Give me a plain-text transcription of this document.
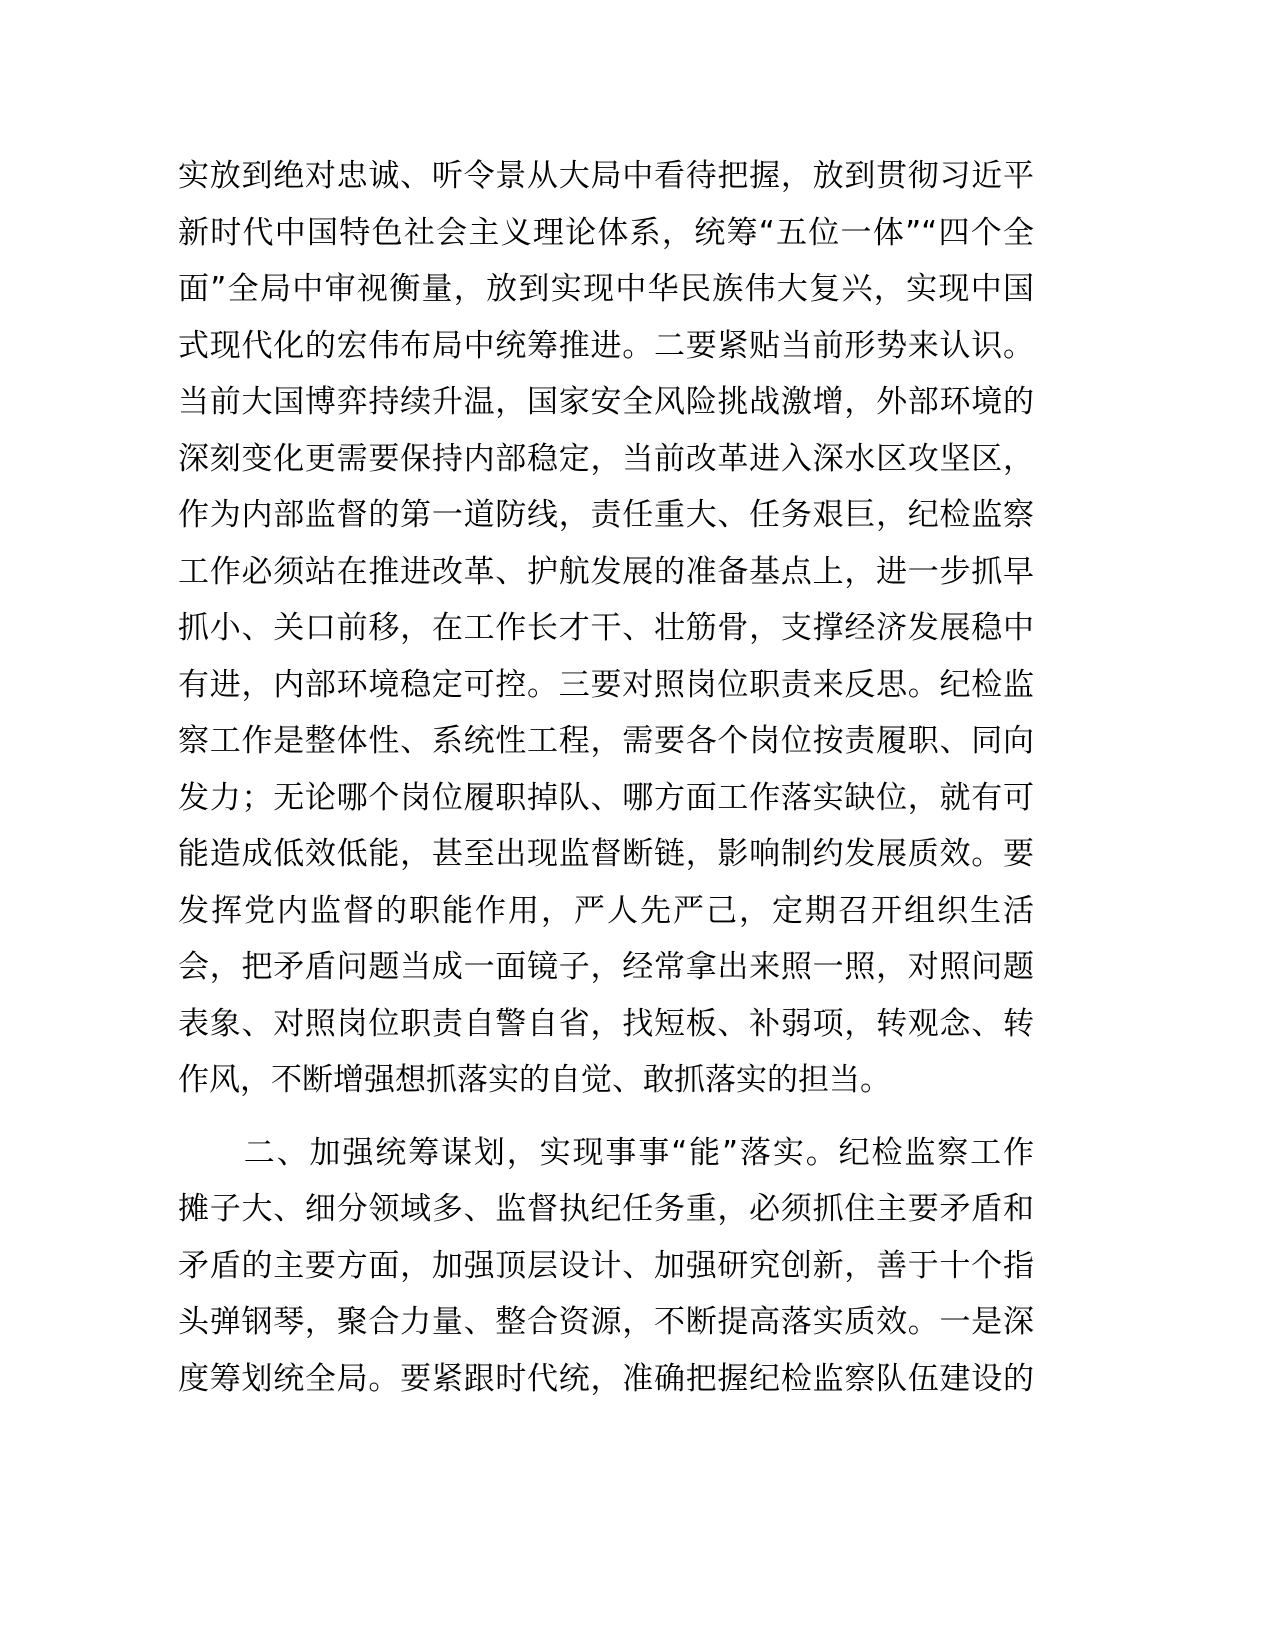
实放到绝对忠诚、听令景从大局中看待把握，放到贯彻习近平
新时代中国特色社会主义理论体系，统筹“五位一体”“四个全
面”全局中审视衡量，放到实现中华民族伟大复兴，实现中国
式现代化的宏伟布局中统筹推进。二要紧贴当前形势来认识。
当前大国博弈持续升温，国家安全风险挑战激增，外部环境的
深刻变化更需要保持内部稳定，当前改革进入深水区攻坚区，
作为内部监督的第一道防线，责任重大、任务艰巨，纪检监察
工作必须站在推进改革、护航发展的准备基点上，进一步抓早
抓小、关口前移，在工作长才干、壮筋骨，支撑经济发展稳中
有进，内部环境稳定可控。三要对照岗位职责来反思。纪检监
察工作是整体性、系统性工程，需要各个岗位按责履职、同向
发力；无论哪个岗位履职掉队、哪方面工作落实缺位，就有可
能造成低效低能，甚至出现监督断链，影响制约发展质效。要
发挥党内监督的职能作用，严人先严己，定期召开组织生活
会，把矛盾问题当成一面镜子，经常拿出来照一照，对照问题
表象、对照岗位职责自警自省，找短板、补弱项，转观念、转
作风，不断增强想抓落实的自觉、敢抓落实的担当。
　　二、加强统筹谋划，实现事事“能”落实。纪检监察工作
摊子大、细分领域多、监督执纪任务重，必须抓住主要矛盾和
矛盾的主要方面，加强顶层设计、加强研究创新，善于十个指
头弹钢琴，聚合力量、整合资源，不断提高落实质效。一是深
度筹划统全局。要紧跟时代统，准确把握纪检监察队伍建设的
